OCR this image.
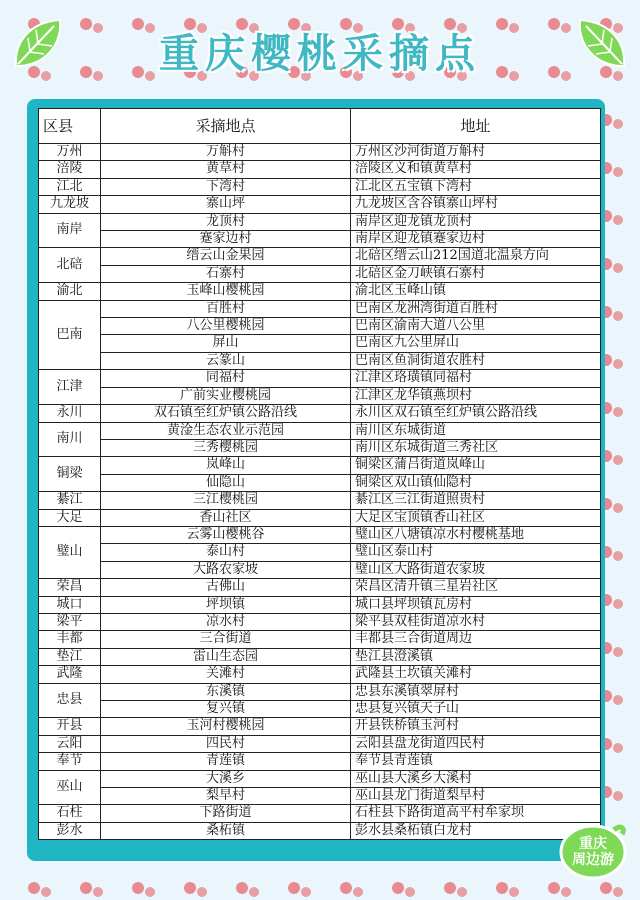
重庆樱桃采摘点
区县	采摘地点	地址
万州	万斛村	万州区沙河街道万斛村
涪陵	黄草村	涪陵区义和镇黄草村
江北	下湾村	江北区五宝镇下湾村
九龙坡	寨山坪	九龙坡区含谷镇寨山坪村
南岸	龙顶村	南岸区迎龙镇龙顶村
	蹇家边村	南岸区迎龙镇蹇家边村
北碚	缙云山金果园	北碚区缙云山212国道北温泉方向
	石寨村	北碚区金刀峡镇石寨村
渝北	玉峰山樱桃园	渝北区玉峰山镇
巴南	百胜村	巴南区龙洲湾街道百胜村
	八公里樱桃园	巴南区渝南大道八公里
	屏山	巴南区九公里屏山
	云篆山	巴南区鱼洞街道农胜村
江津	同福村	江津区珞璜镇同福村
	广前实业樱桃园	江津区龙华镇燕坝村
永川	双石镇至红炉镇公路沿线	永川区双石镇至红炉镇公路沿线
南川	黄淦生态农业示范园	南川区东城街道
	三秀樱桃园	南川区东城街道三秀社区
铜梁	岚峰山	铜梁区蒲吕街道岚峰山
	仙隐山	铜梁区双山镇仙隐村
綦江	三江樱桃园	綦江区三江街道照贵村
大足	香山社区	大足区宝顶镇香山社区
璧山	云雾山樱桃谷	璧山区八塘镇凉水村樱桃基地
	泰山村	璧山区泰山村
	大路农家坡	璧山区大路街道农家坡
荣昌	古佛山	荣昌区清升镇三星岩社区
城口	坪坝镇	城口县坪坝镇瓦房村
梁平	凉水村	梁平县双桂街道凉水村
丰都	三合街道	丰都县三合街道周边
垫江	雷山生态园	垫江县澄溪镇
武隆	关滩村	武隆县土坎镇关滩村
忠县	东溪镇	忠县东溪镇翠屏村
	复兴镇	忠县复兴镇天子山
开县	玉河村樱桃园	开县铁桥镇玉河村
云阳	四民村	云阳县盘龙街道四民村
奉节	青莲镇	奉节县青莲镇
巫山	大溪乡	巫山县大溪乡大溪村
	梨早村	巫山县龙门街道梨早村
石柱	下路街道	石柱县下路街道高平村牟家坝
彭水	桑柘镇	彭水县桑柘镇白龙村
重庆
周边游
